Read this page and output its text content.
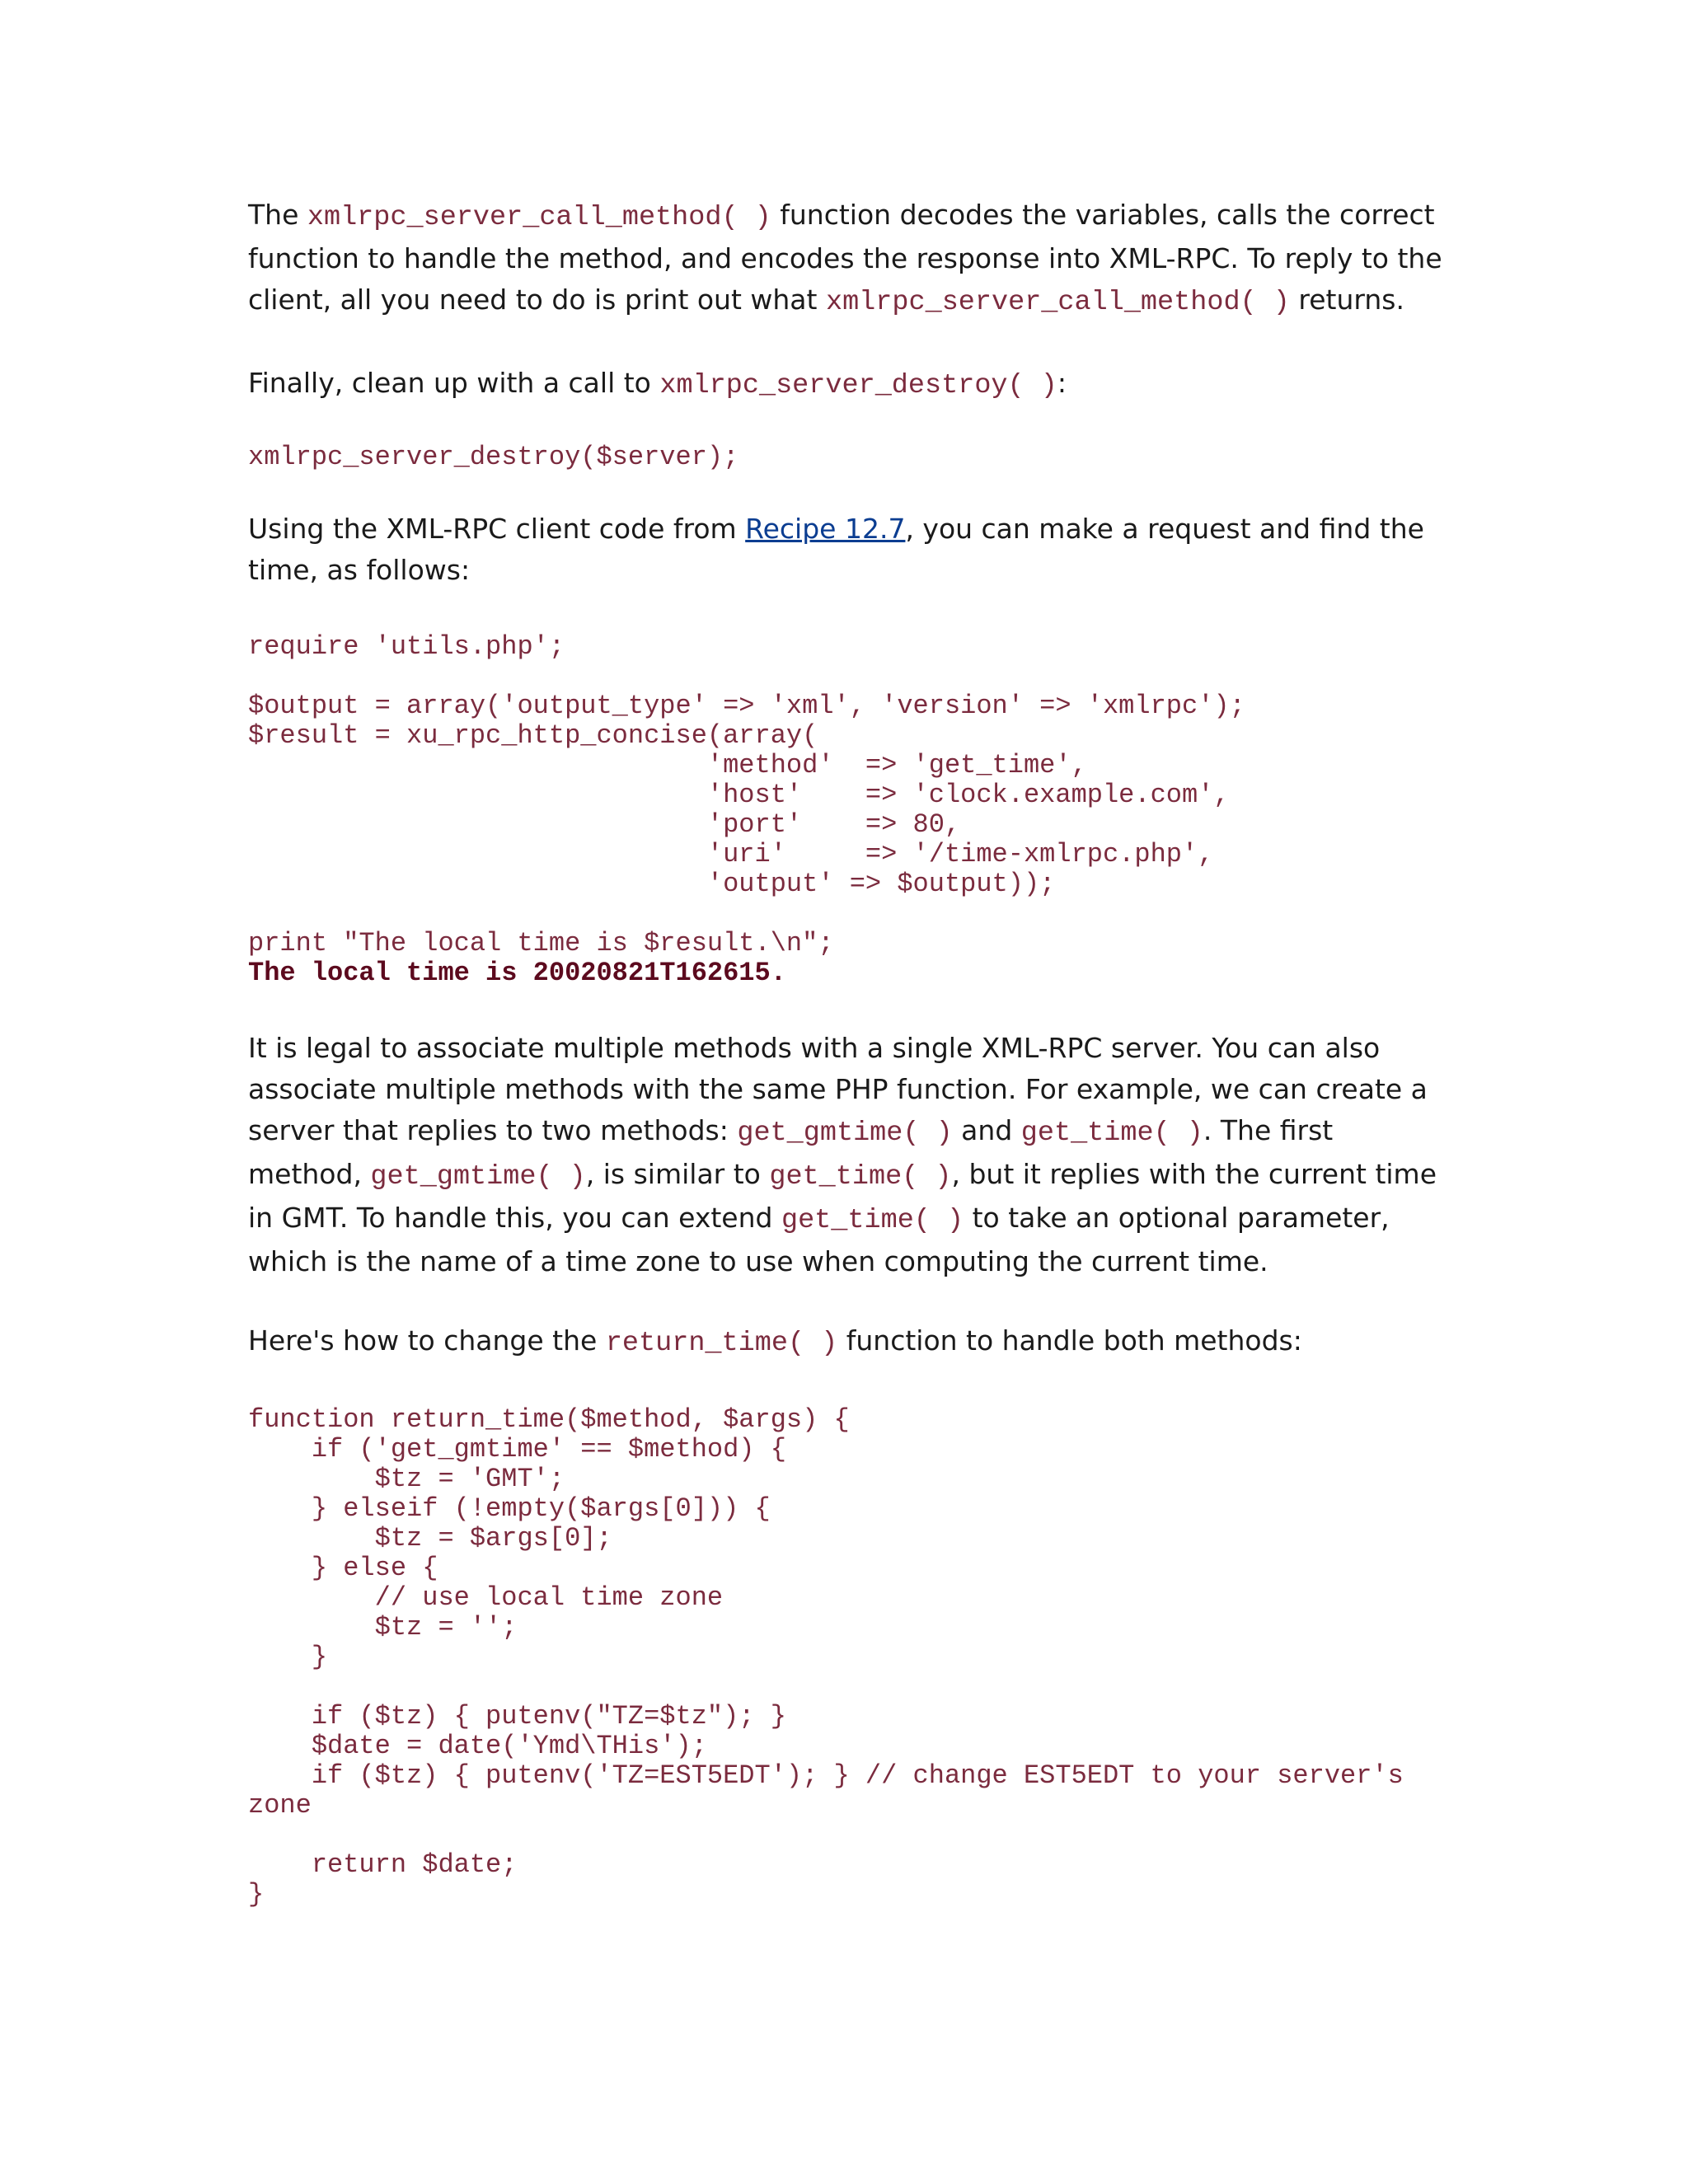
The xmlrpc_server_call_method( ) function decodes the variables, calls the correct function to handle the method, and encodes the response into XML-RPC. To reply to the client, all you need to do is print out what xmlrpc_server_call_method( ) returns.

Finally, clean up with a call to xmlrpc_server_destroy( ):

xmlrpc_server_destroy($server);

Using the XML-RPC client code from Recipe 12.7, you can make a request and find the time, as follows:

require 'utils.php';

$output = array('output_type' => 'xml', 'version' => 'xmlrpc');
$result = xu_rpc_http_concise(array(
'method'  => 'get_time',
'host'    => 'clock.example.com',
'port'    => 80,
'uri'     => '/time-xmlrpc.php',
'output' => $output));

print "The local time is $result.\n";
The local time is 20020821T162615.

It is legal to associate multiple methods with a single XML-RPC server. You can also associate multiple methods with the same PHP function. For example, we can create a server that replies to two methods: get_gmtime( ) and get_time( ). The first method, get_gmtime( ), is similar to get_time( ), but it replies with the current time in GMT. To handle this, you can extend get_time( ) to take an optional parameter, which is the name of a time zone to use when computing the current time.

Here's how to change the return_time( ) function to handle both methods:

function return_time($method, $args) {
if ('get_gmtime' == $method) {
$tz = 'GMT';
} elseif (!empty($args[0])) {
$tz = $args[0];
} else {
// use local time zone
$tz = '';
}

if ($tz) { putenv("TZ=$tz"); }
$date = date('Ymd\THis');
if ($tz) { putenv('TZ=EST5EDT'); } // change EST5EDT to your server's
zone

return $date;
}
